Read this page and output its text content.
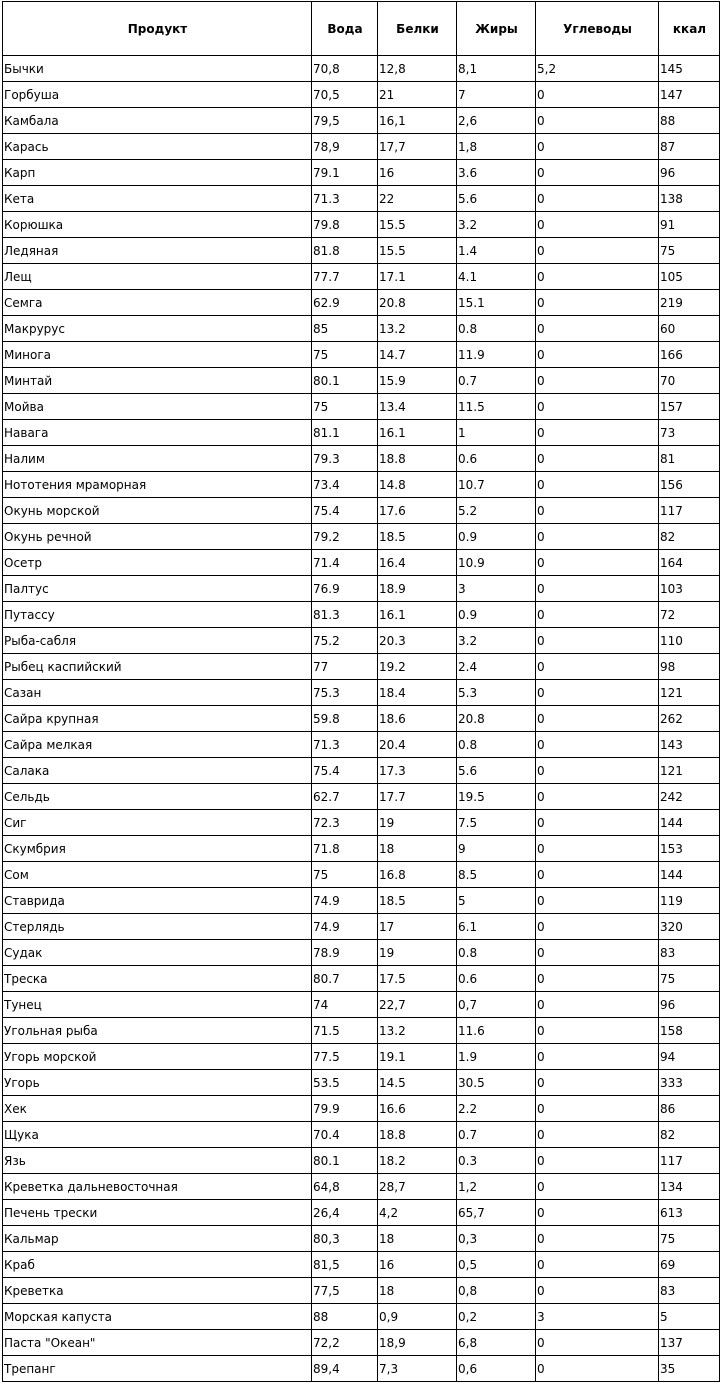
Продукт	Вода	Белки	Жиры	Углеводы	ккал
Бычки	70,8	12,8	8,1	5,2	145
Горбуша	70,5	21	7	0	147
Камбала	79,5	16,1	2,6	0	88
Карась	78,9	17,7	1,8	0	87
Карп	79.1	16	3.6	0	96
Кета	71.3	22	5.6	0	138
Корюшка	79.8	15.5	3.2	0	91
Ледяная	81.8	15.5	1.4	0	75
Лещ	77.7	17.1	4.1	0	105
Семга	62.9	20.8	15.1	0	219
Макрурус	85	13.2	0.8	0	60
Минога	75	14.7	11.9	0	166
Минтай	80.1	15.9	0.7	0	70
Мойва	75	13.4	11.5	0	157
Навага	81.1	16.1	1	0	73
Налим	79.3	18.8	0.6	0	81
Нототения мраморная	73.4	14.8	10.7	0	156
Окунь морской	75.4	17.6	5.2	0	117
Окунь речной	79.2	18.5	0.9	0	82
Осетр	71.4	16.4	10.9	0	164
Палтус	76.9	18.9	3	0	103
Путассу	81.3	16.1	0.9	0	72
Рыба-сабля	75.2	20.3	3.2	0	110
Рыбец каспийский	77	19.2	2.4	0	98
Сазан	75.3	18.4	5.3	0	121
Сайра крупная	59.8	18.6	20.8	0	262
Сайра мелкая	71.3	20.4	0.8	0	143
Салака	75.4	17.3	5.6	0	121
Сельдь	62.7	17.7	19.5	0	242
Сиг	72.3	19	7.5	0	144
Скумбрия	71.8	18	9	0	153
Сом	75	16.8	8.5	0	144
Ставрида	74.9	18.5	5	0	119
Стерлядь	74.9	17	6.1	0	320
Судак	78.9	19	0.8	0	83
Треска	80.7	17.5	0.6	0	75
Тунец	74	22,7	0,7	0	96
Угольная рыба	71.5	13.2	11.6	0	158
Угорь морской	77.5	19.1	1.9	0	94
Угорь	53.5	14.5	30.5	0	333
Хек	79.9	16.6	2.2	0	86
Щука	70.4	18.8	0.7	0	82
Язь	80.1	18.2	0.3	0	117
Креветка дальневосточная	64,8	28,7	1,2	0	134
Печень трески	26,4	4,2	65,7	0	613
Кальмар	80,3	18	0,3	0	75
Краб	81,5	16	0,5	0	69
Креветка	77,5	18	0,8	0	83
Морская капуста	88	0,9	0,2	3	5
Паста "Океан"	72,2	18,9	6,8	0	137
Трепанг	89,4	7,3	0,6	0	35
